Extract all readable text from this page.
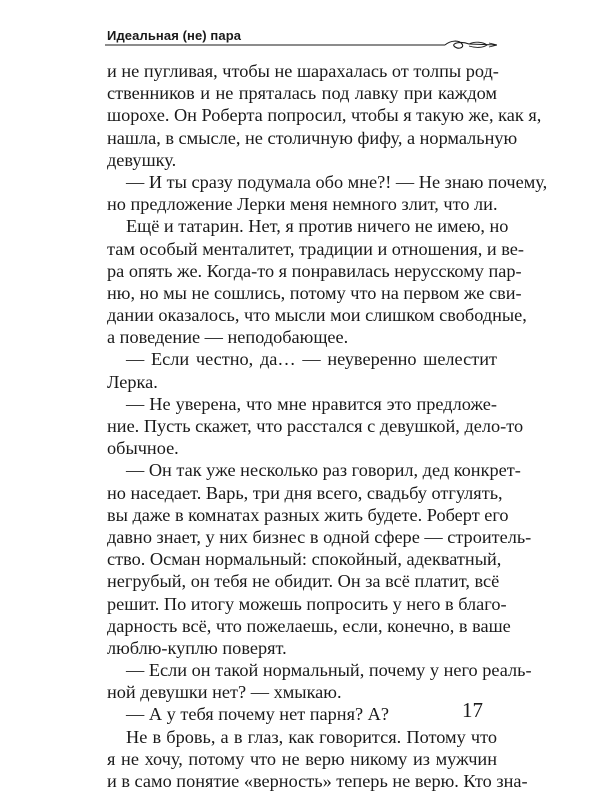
Идеальная (не) пара
и не пугливая, чтобы не шарахалась от толпы род-
ственников и не пряталась под лавку при каждом
шорохе. Он Роберта попросил, чтобы я такую же, как я,
нашла, в смысле, не столичную фифу, а нормальную
девушку.
— И ты сразу подумала обо мне?! — Не знаю почему,
но предложение Лерки меня немного злит, что ли.
Ещё и татарин. Нет, я против ничего не имею, но
там особый менталитет, традиции и отношения, и ве-
ра опять же. Когда-то я понравилась нерусскому пар-
ню, но мы не сошлись, потому что на первом же сви-
дании оказалось, что мысли мои слишком свободные,
а поведение — неподобающее.
— Если честно, да… — неуверенно шелестит
Лерка.
— Не уверена, что мне нравится это предложе-
ние. Пусть скажет, что расстался с девушкой, дело-то
обычное.
— Он так уже несколько раз говорил, дед конкрет-
но наседает. Варь, три дня всего, свадьбу отгулять,
вы даже в комнатах разных жить будете. Роберт его
давно знает, у них бизнес в одной сфере — строитель-
ство. Осман нормальный: спокойный, адекватный,
негрубый, он тебя не обидит. Он за всё платит, всё
решит. По итогу можешь попросить у него в благо-
дарность всё, что пожелаешь, если, конечно, в ваше
люблю-куплю поверят.
— Если он такой нормальный, почему у него реаль-
ной девушки нет? — хмыкаю.
— А у тебя почему нет парня? А?
Не в бровь, а в глаз, как говорится. Потому что
я не хочу, потому что не верю никому из мужчин
и в само понятие «верность» теперь не верю. Кто зна-
17
